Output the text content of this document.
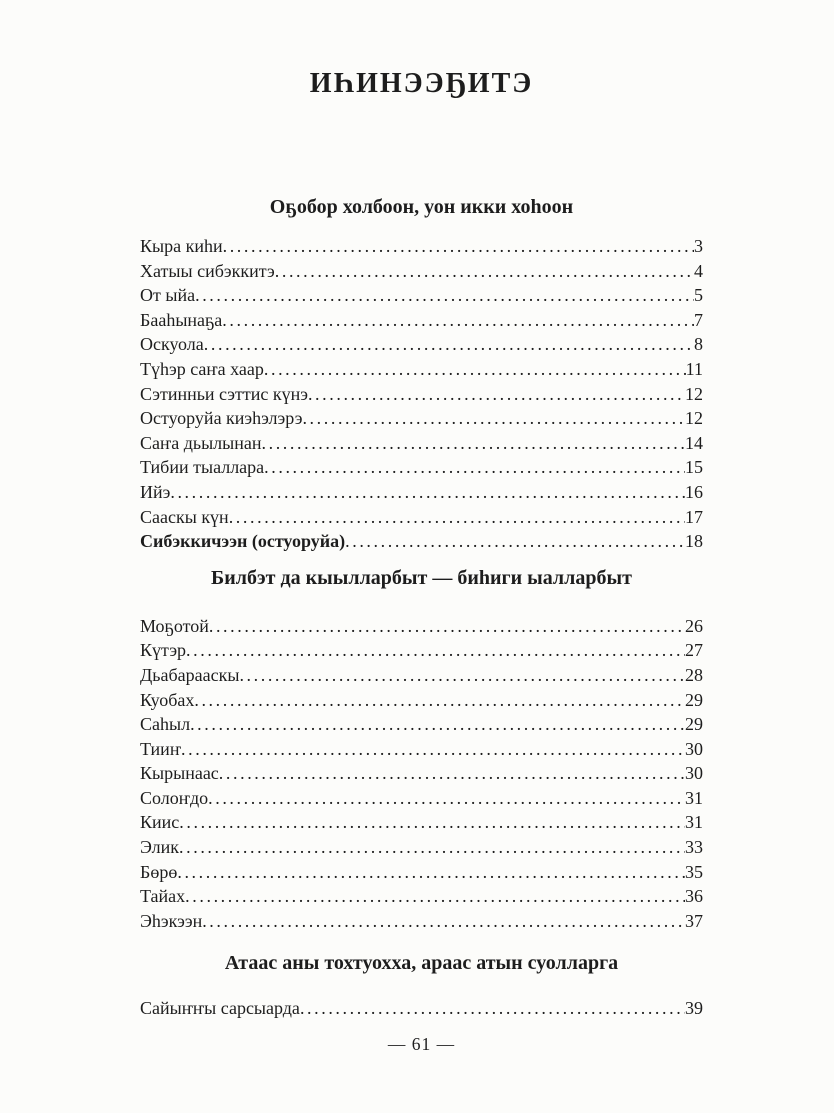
ИҺИНЭЭҔИТЭ
Оҕобор холбоон, уон икки хоһоон
Кыра киһи .....	3
Хатыы сибэккитэ .....	4
От ыйа .....	5
Бааһынаҕа .....	7
Оскуола .....	8
Түһэр саҥа хаар .....	11
Сэтинньи сэттис күнэ .....	12
Остуоруйа киэһэлэрэ .....	12
Саҥа дьылынан .....	14
Тибии тыаллара .....	15
Ийэ .....	16
Сааскы күн .....	17
Сибэккичээн (остуоруйа) .....	18
Билбэт да кыылларбыт — биһиги ыалларбыт
Моҕотой .....	26
Күтэр .....	27
Дьабарааскы .....	28
Куобах .....	29
Саһыл .....	29
Тииҥ .....	30
Кырынаас .....	30
Солоҥдо .....	31
Киис .....	31
Элик .....	33
Бөрө .....	35
Тайах .....	36
Эһэкээн .....	37
Атаас аны тохтуохха, араас атын суолларга
Сайыҥҥы сарсыарда .....	39
— 61 —
